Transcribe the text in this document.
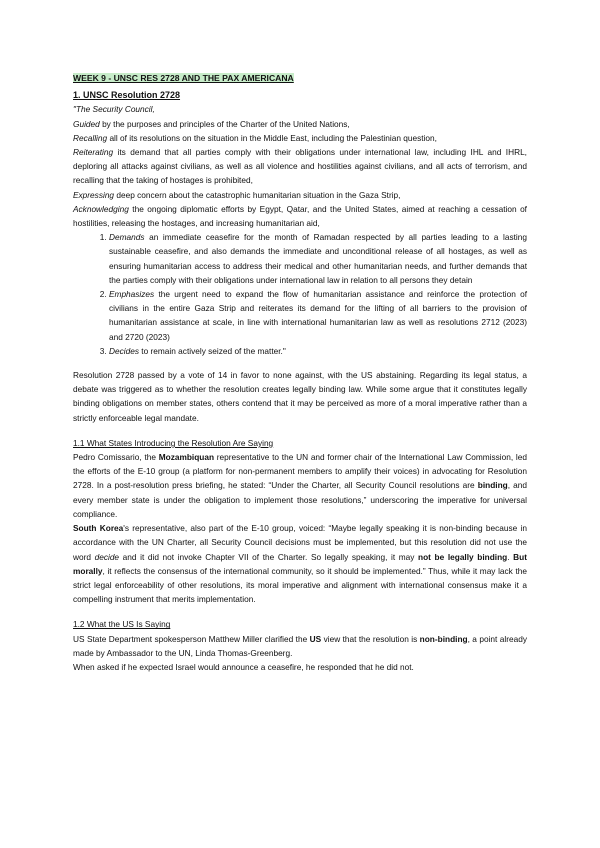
WEEK 9 - UNSC RES 2728 AND THE PAX AMERICANA

1. UNSC Resolution 2728

"The Security Council,

Guided by the purposes and principles of the Charter of the United Nations,

Recalling all of its resolutions on the situation in the Middle East, including the Palestinian question,

Reiterating its demand that all parties comply with their obligations under international law, including IHL and IHRL, deploring all attacks against civilians, as well as all violence and hostilities against civilians, and all acts of terrorism, and recalling that the taking of hostages is prohibited,

Expressing deep concern about the catastrophic humanitarian situation in the Gaza Strip,

Acknowledging the ongoing diplomatic efforts by Egypt, Qatar, and the United States, aimed at reaching a cessation of hostilities, releasing the hostages, and increasing humanitarian aid,

1. Demands an immediate ceasefire for the month of Ramadan respected by all parties leading to a lasting sustainable ceasefire, and also demands the immediate and unconditional release of all hostages, as well as ensuring humanitarian access to address their medical and other humanitarian needs, and further demands that the parties comply with their obligations under international law in relation to all persons they detain
2. Emphasizes the urgent need to expand the flow of humanitarian assistance and reinforce the protection of civilians in the entire Gaza Strip and reiterates its demand for the lifting of all barriers to the provision of humanitarian assistance at scale, in line with international humanitarian law as well as resolutions 2712 (2023) and 2720 (2023)
3. Decides to remain actively seized of the matter."

Resolution 2728 passed by a vote of 14 in favor to none against, with the US abstaining. Regarding its legal status, a debate was triggered as to whether the resolution creates legally binding law. While some argue that it constitutes legally binding obligations on member states, others contend that it may be perceived as more of a moral imperative rather than a strictly enforceable legal mandate.

1.1 What States Introducing the Resolution Are Saying

Pedro Comissario, the Mozambiquan representative to the UN and former chair of the International Law Commission, led the efforts of the E-10 group (a platform for non-permanent members to amplify their voices) in advocating for Resolution 2728. In a post-resolution press briefing, he stated: “Under the Charter, all Security Council resolutions are binding, and every member state is under the obligation to implement those resolutions,” underscoring the imperative for universal compliance.

South Korea's representative, also part of the E-10 group, voiced: “Maybe legally speaking it is non-binding because in accordance with the UN Charter, all Security Council decisions must be implemented, but this resolution did not use the word decide and it did not invoke Chapter VII of the Charter. So legally speaking, it may not be legally binding. But morally, it reflects the consensus of the international community, so it should be implemented.” Thus, while it may lack the strict legal enforceability of other resolutions, its moral imperative and alignment with international consensus make it a compelling instrument that merits implementation.

1.2 What the US Is Saying

US State Department spokesperson Matthew Miller clarified the US view that the resolution is non-binding, a point already made by Ambassador to the UN, Linda Thomas-Greenberg.

When asked if he expected Israel would announce a ceasefire, he responded that he did not.
